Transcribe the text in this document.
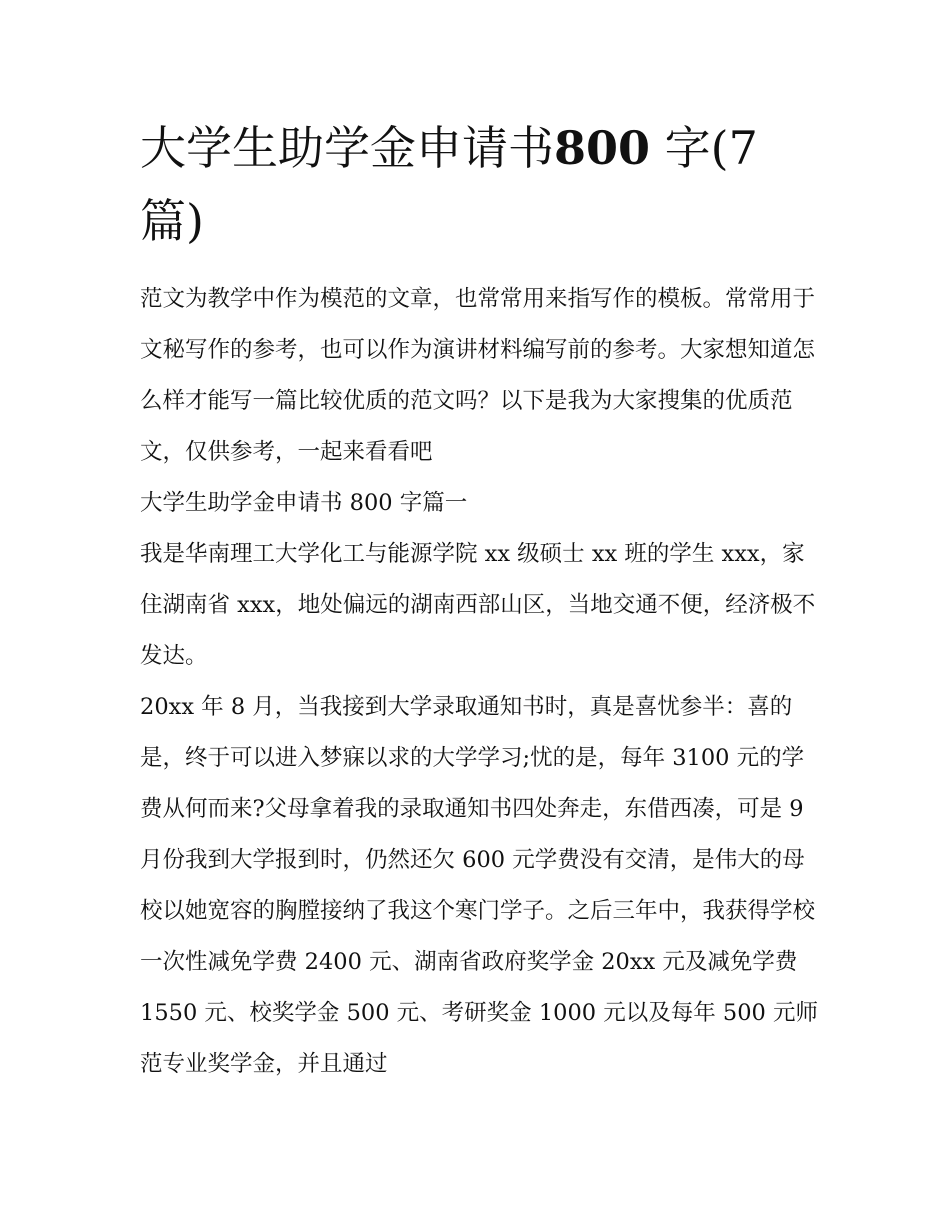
大学生助学金申请书800 字(7
篇)

范文为教学中作为模范的文章，也常常用来指写作的模板。常常用于文秘写作的参考，也可以作为演讲材料编写前的参考。大家想知道怎么样才能写一篇比较优质的范文吗？以下是我为大家搜集的优质范文，仅供参考，一起来看看吧

大学生助学金申请书 800 字篇一

我是华南理工大学化工与能源学院 xx 级硕士 xx 班的学生 xxx，家住湖南省 xxx，地处偏远的湖南西部山区，当地交通不便，经济极不发达。

20xx 年 8 月，当我接到大学录取通知书时，真是喜忧参半：喜的是，终于可以进入梦寐以求的大学学习;忧的是，每年 3100 元的学费从何而来?父母拿着我的录取通知书四处奔走，东借西凑，可是 9 月份我到大学报到时，仍然还欠 600 元学费没有交清，是伟大的母校以她宽容的胸膛接纳了我这个寒门学子。之后三年中，我获得学校一次性减免学费 2400 元、湖南省政府奖学金 20xx 元及减免学费 1550 元、校奖学金 500 元、考研奖金 1000 元以及每年 500 元师范专业奖学金，并且通过
